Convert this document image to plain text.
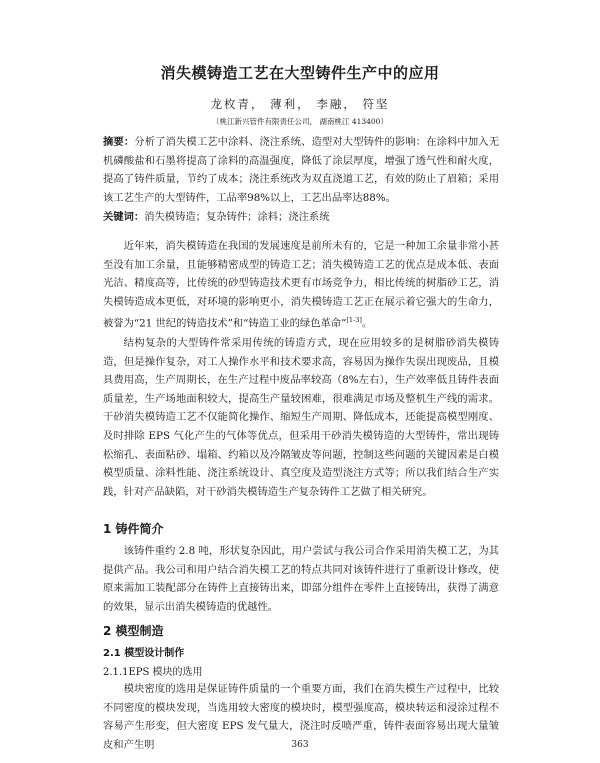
消失模铸造工艺在大型铸件生产中的应用
龙枚青， 薄利， 李融， 符坚
（桃江新兴管件有限责任公司， 湖南桃江 413400）
摘要：分析了消失模工艺中涂料、浇注系统、造型对大型铸件的影响：在涂料中加入无机磷酸盐和石墨将提高了涂料的高温强度，降低了涂层厚度，增强了透气性和耐火度，提高了铸件质量，节约了成本；浇注系统改为双直浇道工艺，有效的防止了眉箱；采用该工艺生产的大型铸件，工品率98%以上，工艺出品率达88%。
关键词：消失模铸造；复杂铸件；涂料；浇注系统
近年来，消失模铸造在我国的发展速度是前所未有的，它是一种加工余量非常小甚至没有加工余量，且能够精密成型的铸造工艺；消失模铸造工艺的优点是成本低、表面光洁、精度高等，比传统的砂型铸造技术更有市场竞争力，相比传统的树脂砂工艺，消失模铸造成本更低，对环境的影响更小，消失模铸造工艺正在展示着它强大的生命力，被誉为“21 世纪的铸造技术”和“铸造工业的绿色革命”[1-3]。
结构复杂的大型铸件常采用传统的铸造方式，现在应用较多的是树脂砂消失模铸造，但是操作复杂，对工人操作水平和技术要求高，容易因为操作失误出现废品，且模具费用高，生产周期长，在生产过程中废品率较高（8%左右），生产效率低且铸件表面质量差，生产场地面积较大，提高生产量较困难，很难满足市场及整机生产线的需求。干砂消失模铸造工艺不仅能简化操作、缩短生产周期、降低成本，还能提高模型刚度、及时排除 EPS 气化产生的气体等优点，但采用干砂消失模铸造的大型铸件，常出现铸松缩孔、表面粘砂、塌箱、约箱以及冷隔皱皮等问题，控制这些问题的关键因素是白模模型质量、涂料性能、浇注系统设计、真空度及造型浇注方式等；所以我们结合生产实践，针对产品缺陷，对干砂消失模铸造生产复杂铸件工艺做了相关研究。
1 铸件简介
该铸件重约 2.8 吨，形状复杂因此，用户尝试与我公司合作采用消失模工艺，为其提供产品。我公司和用户结合消失模工艺的特点共同对该铸件进行了重新设计修改，使原来需加工装配部分在铸件上直接铸出来，即部分组件在零件上直接铸出，获得了满意的效果，显示出消失模铸造的优越性。
2 模型制造
2.1 模型设计制作
2.1.1EPS 模块的选用
模块密度的选用是保证铸件质量的一个重要方面，我们在消失模生产过程中，比较不同密度的模块发现，当选用较大密度的模块时，模型强度高，模块转运和浸涂过程不容易产生形变，但大密度 EPS 发气量大，浇注时反喷严重，铸件表面容易出现大量皱皮和产生明	363
